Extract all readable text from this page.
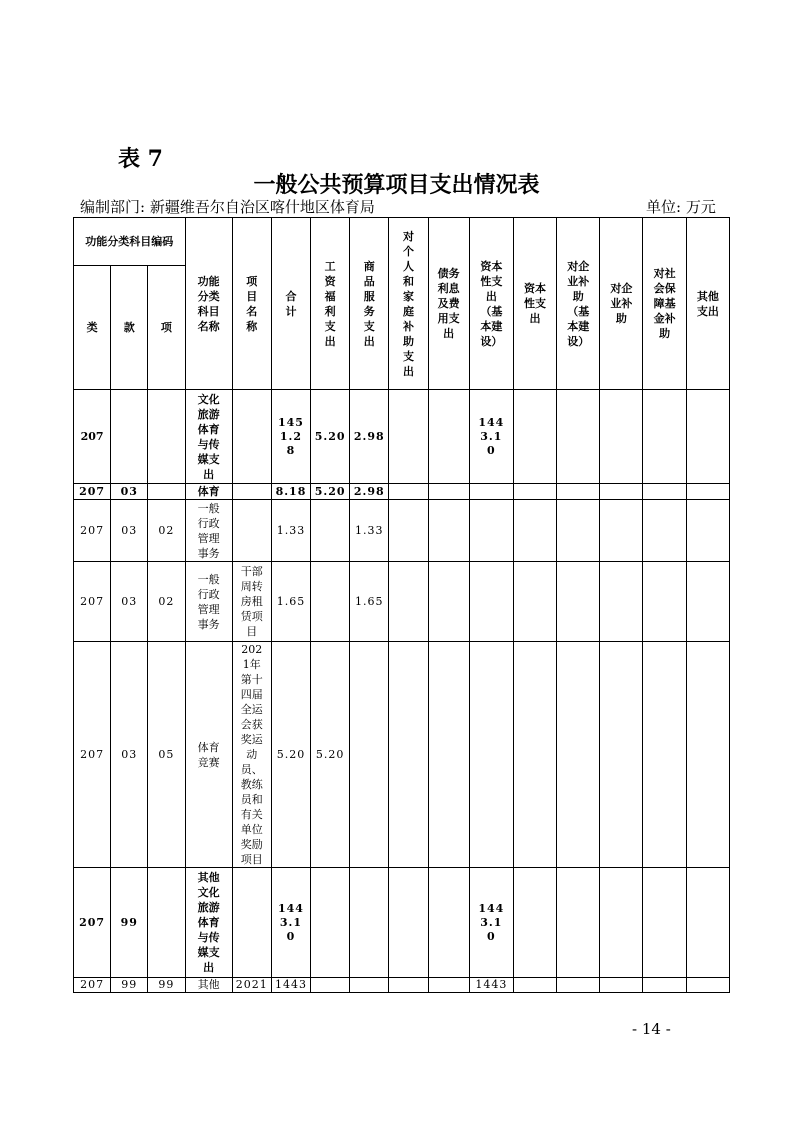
表 7
一般公共预算项目支出情况表
编制部门: 新疆维吾尔自治区喀什地区体育局	单位: 万元
功能分类科目编码			功能分类科目名称	项目名称	合计	工资福利支出	商品服务支出	对个人和家庭补助支出	债务利息及费用支出	资本性支出（基本建设）	资本性支出	对企业补助（基本建设）	对企业补助	对社会保障基金补助	其他支出
类	款	项													
207			文化旅游体育与传媒支出		1451.28	5.20	2.98			1443.10					
207	03		体育		8.18	5.20	2.98								
207	03	02	一般行政管理事务		1.33		1.33								
207	03	02	一般行政管理事务	干部周转房租赁项目	1.65		1.65								
207	03	05	体育竞赛	2021年第十四届全运会获奖运动员、教练员和有关单位奖励项目	5.20	5.20									
207	99		其他文化旅游体育与传媒支出		1443.10					1443.10					
207	99	99	其他	2021	1443					1443					
- 14 -
